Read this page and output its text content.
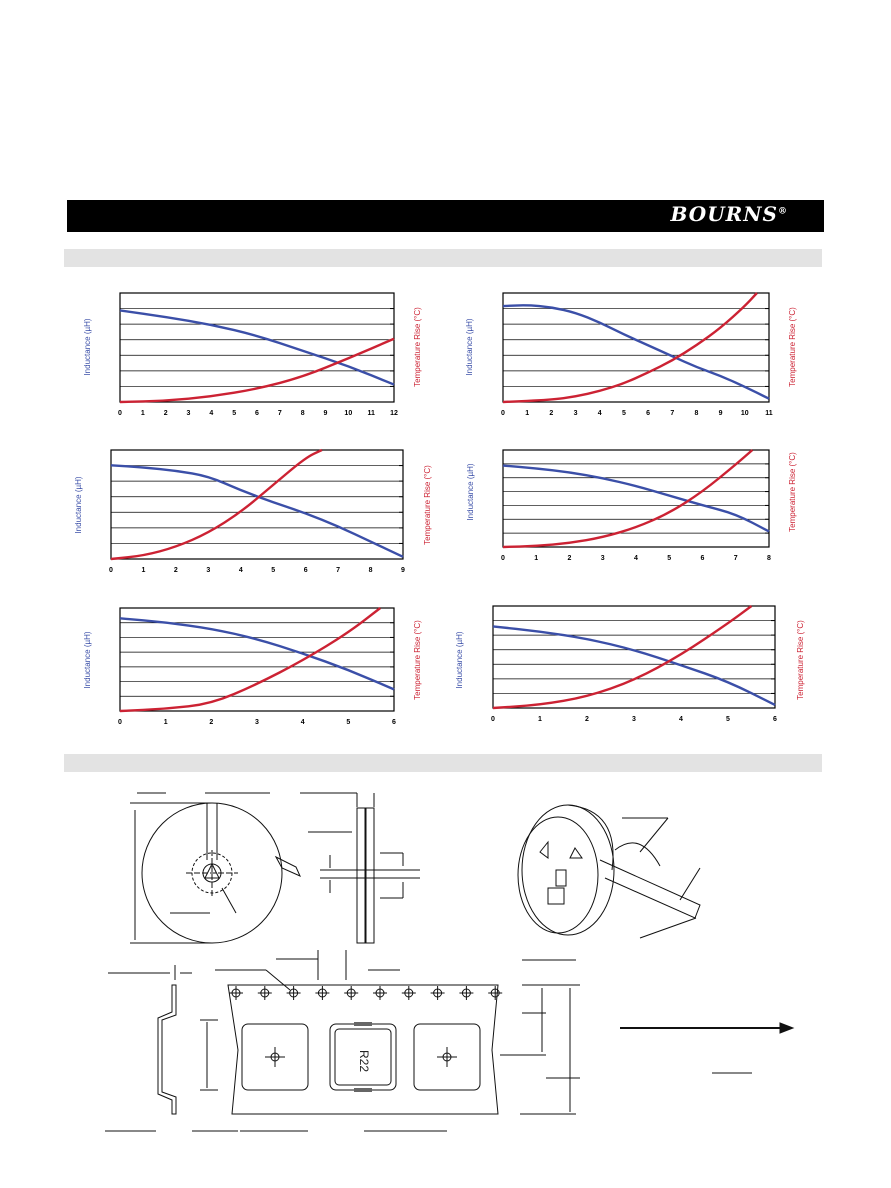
BOURNS®
0	1	2	3	4	5	6	7	8	9 10 11 12
Inductance (µH)	Temperature Rise (°C)
0	1	2	3	4	5	6	7	8	9	10 11
Inductance (µH)	Temperature Rise (°C)
0	1	2	3	4	5	6	7	8	9
Inductance (µH)	Temperature Rise (°C)
0	1	2	3	4	5	6	7	8
Inductance (µH)	Temperature Rise (°C)
0	1	2	3	4	5	6
Inductance (µH)	Temperature Rise (°C)
0	1	2	3	4	5	6
Inductance (µH)	Temperature Rise (°C)
R22
